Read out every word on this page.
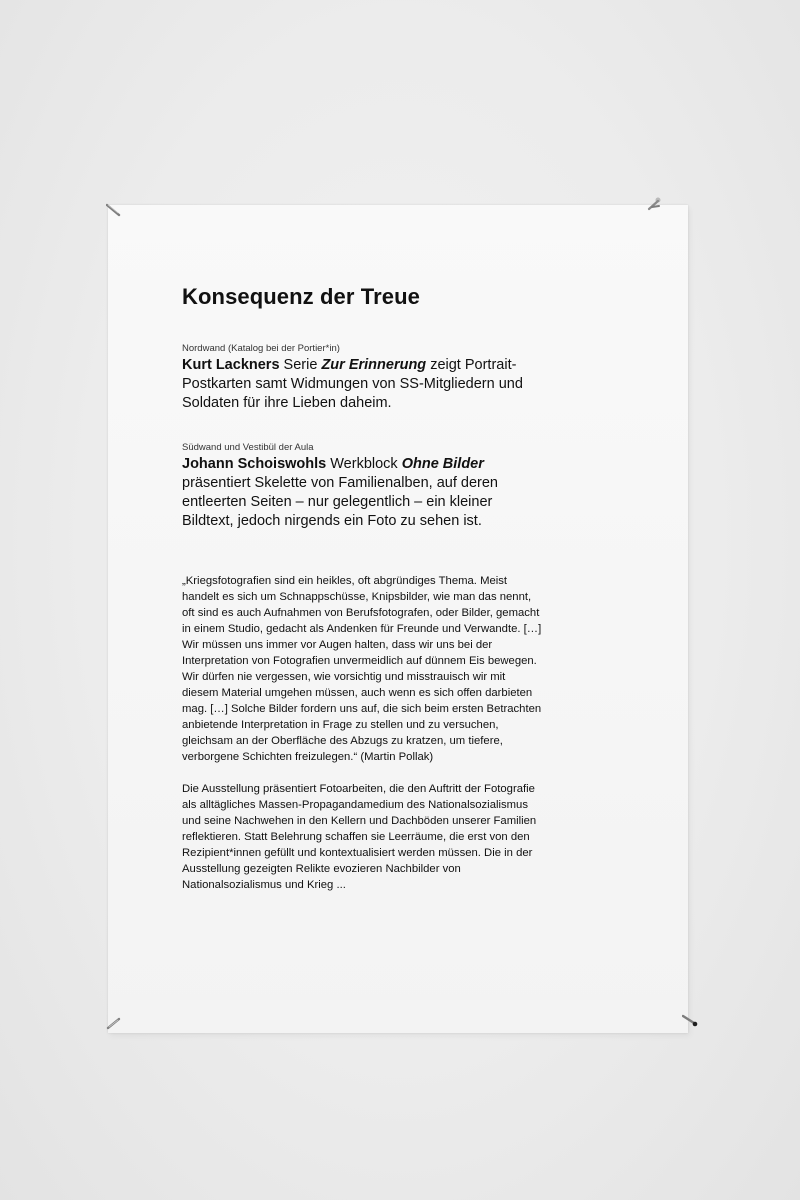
Konsequenz der Treue

Nordwand (Katalog bei der Portier*in)

Kurt Lackners Serie Zur Erinnerung zeigt Portrait-Postkarten samt Widmungen von SS-Mitgliedern und Soldaten für ihre Lieben daheim.

Südwand und Vestibül der Aula

Johann Schoiswohls Werkblock Ohne Bilder präsentiert Skelette von Familienalben, auf deren entleerten Seiten – nur gelegentlich – ein kleiner Bildtext, jedoch nirgends ein Foto zu sehen ist.

„Kriegsfotografien sind ein heikles, oft abgründiges Thema. Meist handelt es sich um Schnappschüsse, Knipsbilder, wie man das nennt, oft sind es auch Aufnahmen von Berufsfotografen, oder Bilder, gemacht in einem Studio, gedacht als Andenken für Freunde und Verwandte. […] Wir müssen uns immer vor Augen halten, dass wir uns bei der Interpretation von Fotografien unvermeidlich auf dünnem Eis bewegen. Wir dürfen nie vergessen, wie vorsichtig und misstrauisch wir mit diesem Material umgehen müssen, auch wenn es sich offen darbieten mag. […] Solche Bilder fordern uns auf, die sich beim ersten Betrachten anbietende Interpretation in Frage zu stellen und zu versuchen, gleichsam an der Oberfläche des Abzugs zu kratzen, um tiefere, verborgene Schichten freizulegen.“ (Martin Pollak)

Die Ausstellung präsentiert Fotoarbeiten, die den Auftritt der Fotografie als alltägliches Massen-Propagandamedium des Nationalsozialismus und seine Nachwehen in den Kellern und Dachböden unserer Familien reflektieren. Statt Belehrung schaffen sie Leerräume, die erst von den Rezipient*innen gefüllt und kontextualisiert werden müssen. Die in der Ausstellung gezeigten Relikte evozieren Nachbilder von Nationalsozialismus und Krieg ...
